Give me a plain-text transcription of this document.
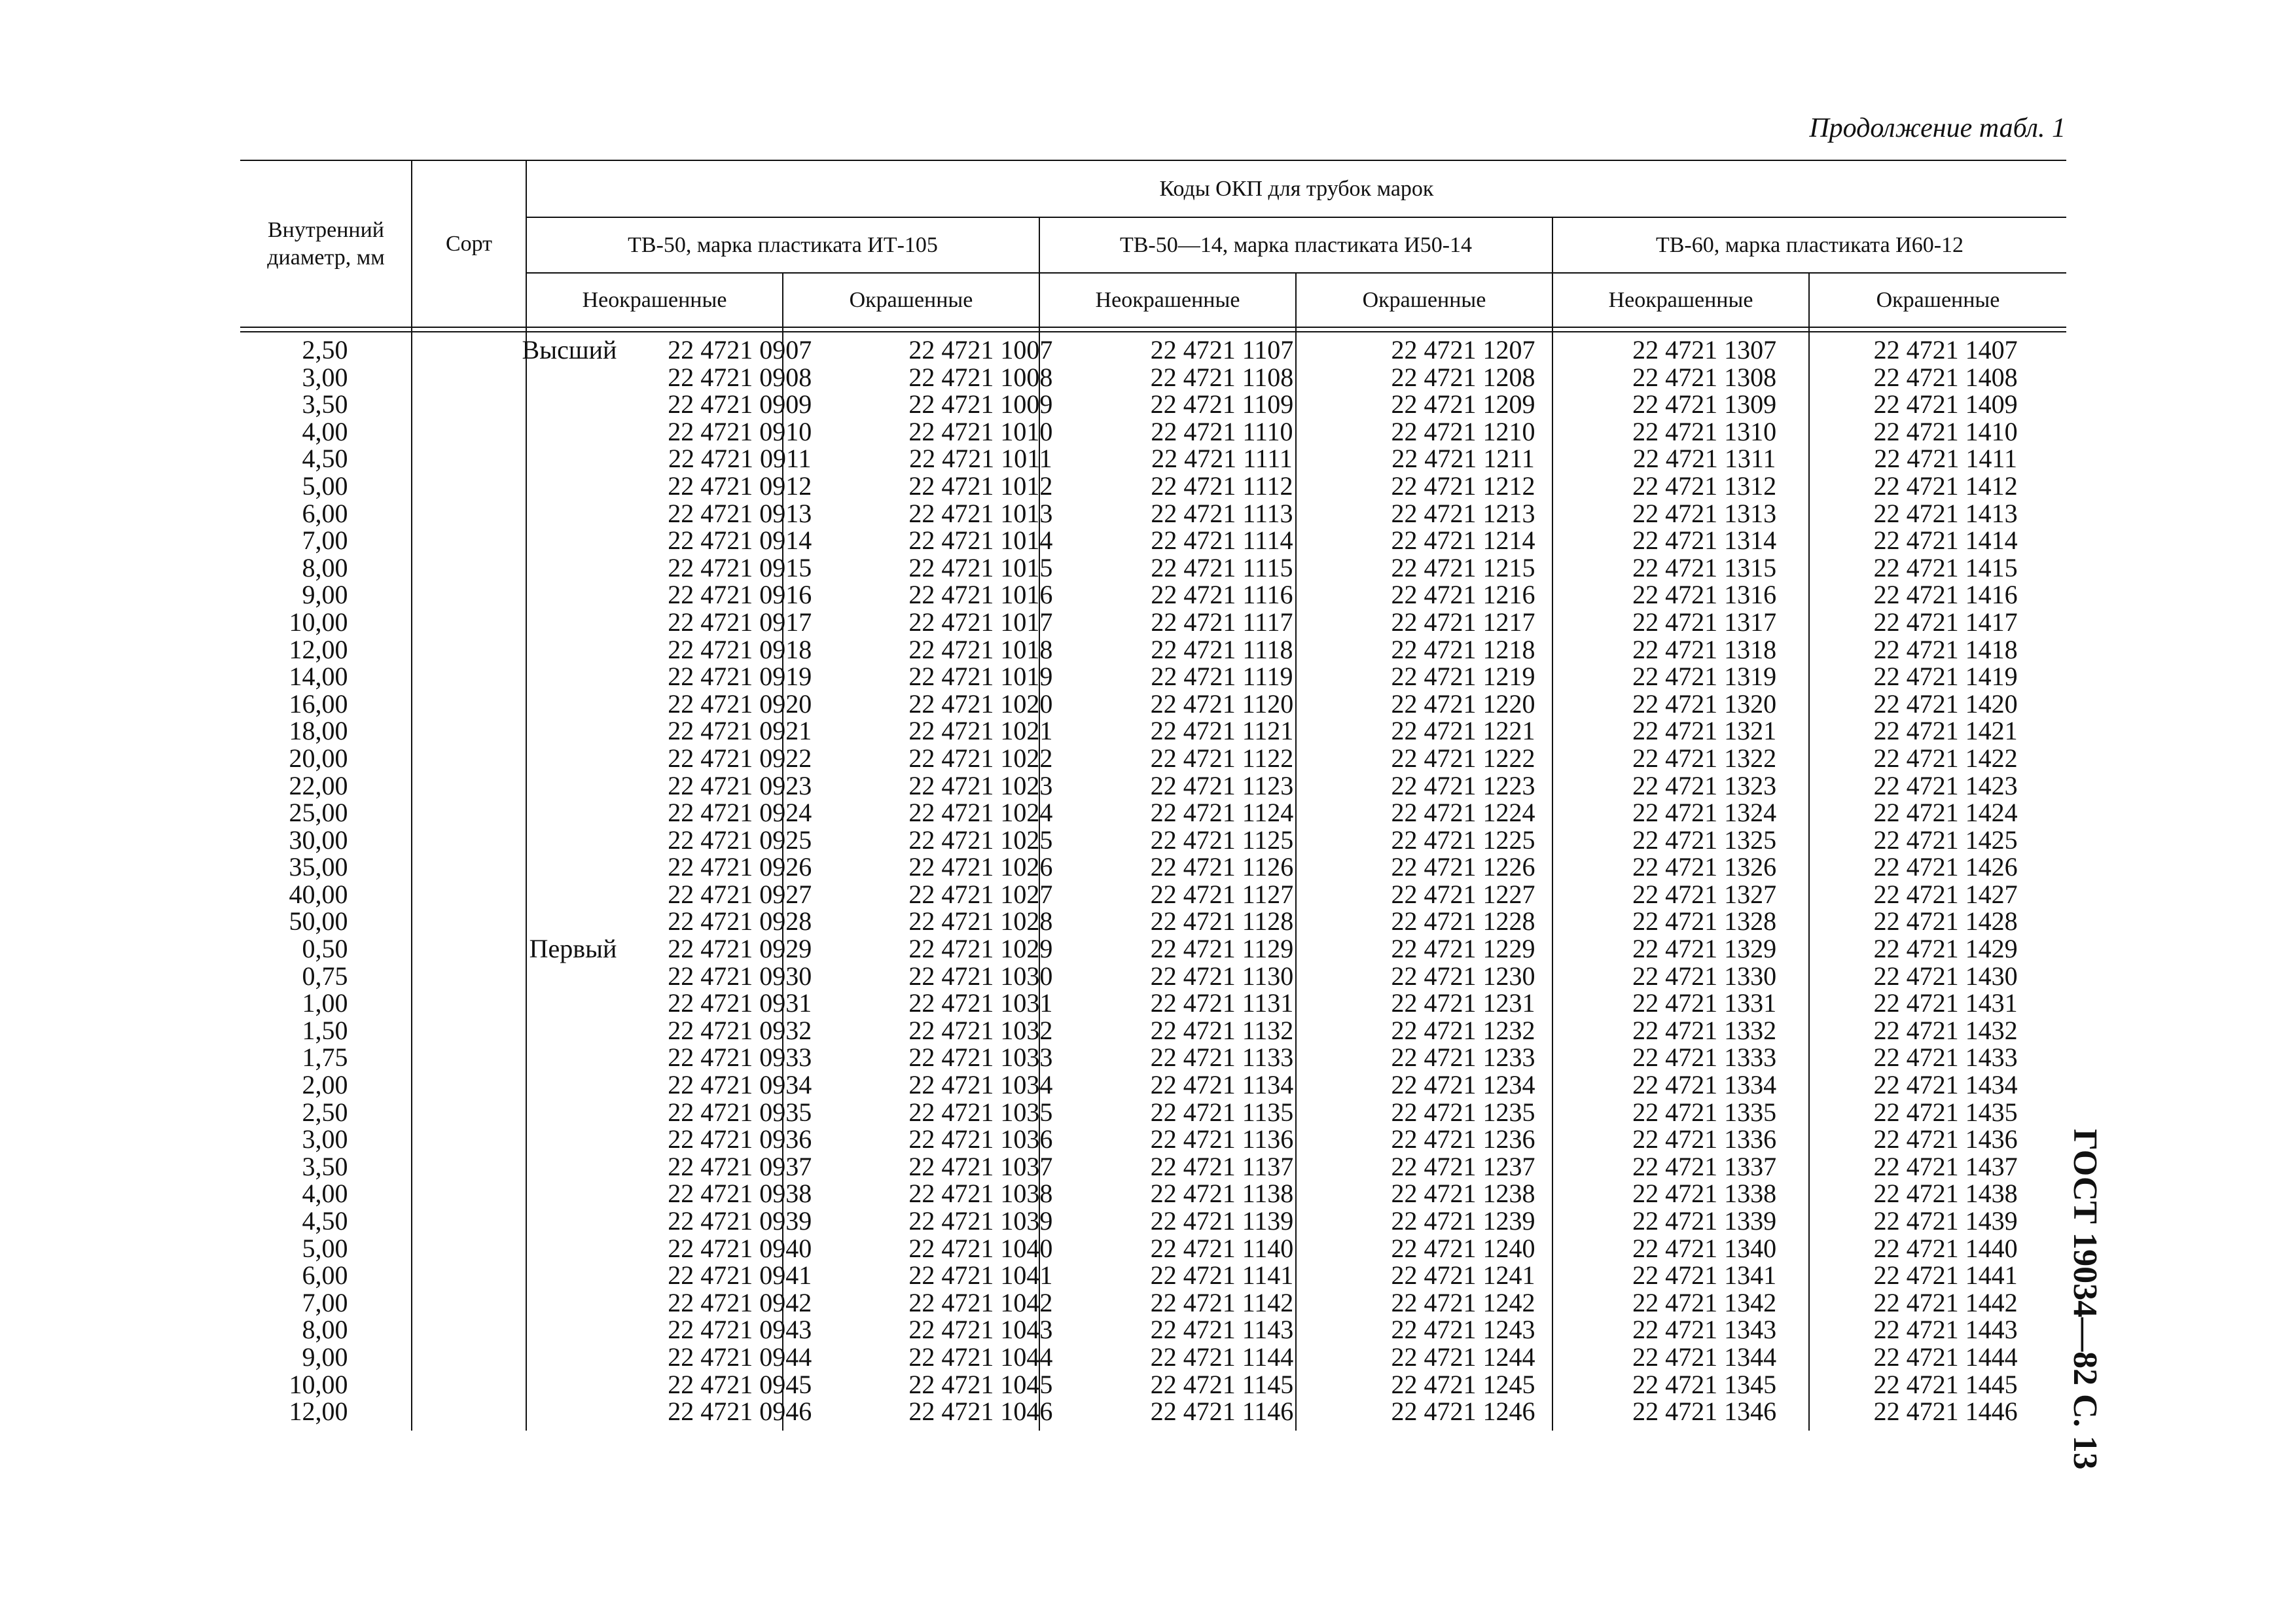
Продолжение табл. 1
ГОСТ 19034—82 С. 13
Внутренний диаметр, мм
Сорт
Коды ОКП для трубок марок
ТВ-50, марка пластиката ИТ-105	ТВ-50—14, марка пластиката И50-14	ТВ-60, марка пластиката И60-12
Неокрашенные	Окрашенные	Неокрашенные	Окрашенные	Неокрашенные	Окрашенные
2,50	Высший	22 4721 0907	22 4721 1007	22 4721 1107	22 4721 1207	22 4721 1307	22 4721 1407
3,00	22 4721 0908	22 4721 1008	22 4721 1108	22 4721 1208	22 4721 1308	22 4721 1408
3,50	22 4721 0909	22 4721 1009	22 4721 1109	22 4721 1209	22 4721 1309	22 4721 1409
4,00	22 4721 0910	22 4721 1010	22 4721 1110	22 4721 1210	22 4721 1310	22 4721 1410
4,50	22 4721 0911	22 4721 1011	22 4721 1111	22 4721 1211	22 4721 1311	22 4721 1411
5,00	22 4721 0912	22 4721 1012	22 4721 1112	22 4721 1212	22 4721 1312	22 4721 1412
6,00	22 4721 0913	22 4721 1013	22 4721 1113	22 4721 1213	22 4721 1313	22 4721 1413
7,00	22 4721 0914	22 4721 1014	22 4721 1114	22 4721 1214	22 4721 1314	22 4721 1414
8,00	22 4721 0915	22 4721 1015	22 4721 1115	22 4721 1215	22 4721 1315	22 4721 1415
9,00	22 4721 0916	22 4721 1016	22 4721 1116	22 4721 1216	22 4721 1316	22 4721 1416
10,00	22 4721 0917	22 4721 1017	22 4721 1117	22 4721 1217	22 4721 1317	22 4721 1417
12,00	22 4721 0918	22 4721 1018	22 4721 1118	22 4721 1218	22 4721 1318	22 4721 1418
14,00	22 4721 0919	22 4721 1019	22 4721 1119	22 4721 1219	22 4721 1319	22 4721 1419
16,00	22 4721 0920	22 4721 1020	22 4721 1120	22 4721 1220	22 4721 1320	22 4721 1420
18,00	22 4721 0921	22 4721 1021	22 4721 1121	22 4721 1221	22 4721 1321	22 4721 1421
20,00	22 4721 0922	22 4721 1022	22 4721 1122	22 4721 1222	22 4721 1322	22 4721 1422
22,00	22 4721 0923	22 4721 1023	22 4721 1123	22 4721 1223	22 4721 1323	22 4721 1423
25,00	22 4721 0924	22 4721 1024	22 4721 1124	22 4721 1224	22 4721 1324	22 4721 1424
30,00	22 4721 0925	22 4721 1025	22 4721 1125	22 4721 1225	22 4721 1325	22 4721 1425
35,00	22 4721 0926	22 4721 1026	22 4721 1126	22 4721 1226	22 4721 1326	22 4721 1426
40,00	22 4721 0927	22 4721 1027	22 4721 1127	22 4721 1227	22 4721 1327	22 4721 1427
50,00	22 4721 0928	22 4721 1028	22 4721 1128	22 4721 1228	22 4721 1328	22 4721 1428
0,50	Первый	22 4721 0929	22 4721 1029	22 4721 1129	22 4721 1229	22 4721 1329	22 4721 1429
0,75	22 4721 0930	22 4721 1030	22 4721 1130	22 4721 1230	22 4721 1330	22 4721 1430
1,00	22 4721 0931	22 4721 1031	22 4721 1131	22 4721 1231	22 4721 1331	22 4721 1431
1,50	22 4721 0932	22 4721 1032	22 4721 1132	22 4721 1232	22 4721 1332	22 4721 1432
1,75	22 4721 0933	22 4721 1033	22 4721 1133	22 4721 1233	22 4721 1333	22 4721 1433
2,00	22 4721 0934	22 4721 1034	22 4721 1134	22 4721 1234	22 4721 1334	22 4721 1434
2,50	22 4721 0935	22 4721 1035	22 4721 1135	22 4721 1235	22 4721 1335	22 4721 1435
3,00	22 4721 0936	22 4721 1036	22 4721 1136	22 4721 1236	22 4721 1336	22 4721 1436
3,50	22 4721 0937	22 4721 1037	22 4721 1137	22 4721 1237	22 4721 1337	22 4721 1437
4,00	22 4721 0938	22 4721 1038	22 4721 1138	22 4721 1238	22 4721 1338	22 4721 1438
4,50	22 4721 0939	22 4721 1039	22 4721 1139	22 4721 1239	22 4721 1339	22 4721 1439
5,00	22 4721 0940	22 4721 1040	22 4721 1140	22 4721 1240	22 4721 1340	22 4721 1440
6,00	22 4721 0941	22 4721 1041	22 4721 1141	22 4721 1241	22 4721 1341	22 4721 1441
7,00	22 4721 0942	22 4721 1042	22 4721 1142	22 4721 1242	22 4721 1342	22 4721 1442
8,00	22 4721 0943	22 4721 1043	22 4721 1143	22 4721 1243	22 4721 1343	22 4721 1443
9,00	22 4721 0944	22 4721 1044	22 4721 1144	22 4721 1244	22 4721 1344	22 4721 1444
10,00	22 4721 0945	22 4721 1045	22 4721 1145	22 4721 1245	22 4721 1345	22 4721 1445
12,00	22 4721 0946	22 4721 1046	22 4721 1146	22 4721 1246	22 4721 1346	22 4721 1446
